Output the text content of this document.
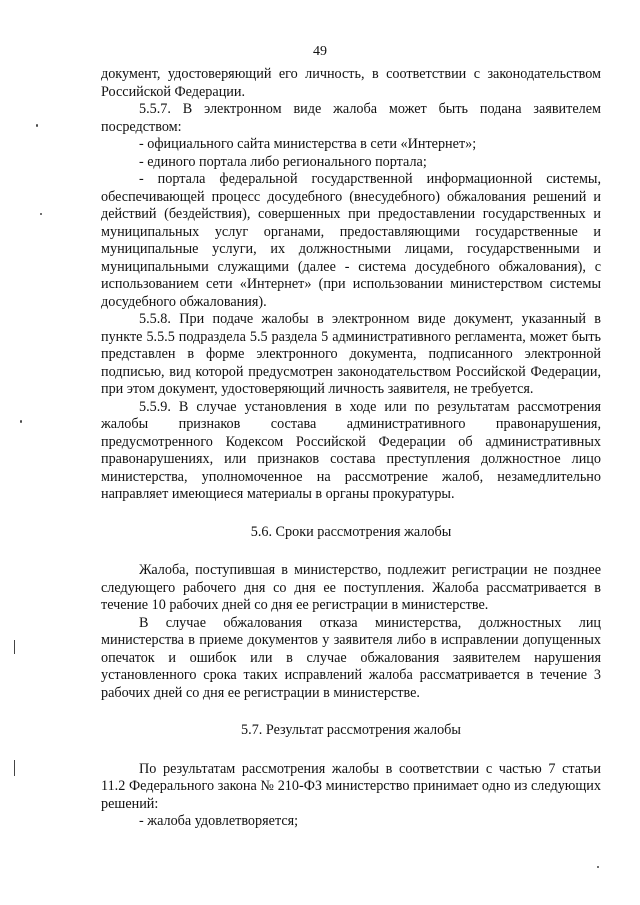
49

документ, удостоверяющий его личность, в соответствии с законодательством Российской Федерации.

5.5.7. В электронном виде жалоба может быть подана заявителем посредством:

- официального сайта министерства в сети «Интернет»;

- единого портала либо регионального портала;

- портала федеральной государственной информационной системы, обеспечивающей процесс досудебного (внесудебного) обжалования решений и действий (бездействия), совершенных при предоставлении государственных и муниципальных услуг органами, предоставляющими государственные и муниципальные услуги, их должностными лицами, государственными и муниципальными служащими (далее - система досудебного обжалования), с использованием сети «Интернет» (при использовании министерством системы досудебного обжалования).

5.5.8. При подаче жалобы в электронном виде документ, указанный в пункте 5.5.5 подраздела 5.5 раздела 5 административного регламента, может быть представлен в форме электронного документа, подписанного электронной подписью, вид которой предусмотрен законодательством Российской Федерации, при этом документ, удостоверяющий личность заявителя, не требуется.

5.5.9. В случае установления в ходе или по результатам рассмотрения жалобы признаков состава административного правонарушения, предусмотренного Кодексом Российской Федерации об административных правонарушениях, или признаков состава преступления должностное лицо министерства, уполномоченное на рассмотрение жалоб, незамедлительно направляет имеющиеся материалы в органы прокуратуры.

5.6. Сроки рассмотрения жалобы

Жалоба, поступившая в министерство, подлежит регистрации не позднее следующего рабочего дня со дня ее поступления. Жалоба рассматривается в течение 10 рабочих дней со дня ее регистрации в министерстве.

В случае обжалования отказа министерства, должностных лиц министерства в приеме документов у заявителя либо в исправлении допущенных опечаток и ошибок или в случае обжалования заявителем нарушения установленного срока таких исправлений жалоба рассматривается в течение 3 рабочих дней со дня ее регистрации в министерстве.

5.7. Результат рассмотрения жалобы

По результатам рассмотрения жалобы в соответствии с частью 7 статьи 11.2 Федерального закона № 210-ФЗ министерство принимает одно из следующих решений:

- жалоба удовлетворяется;
